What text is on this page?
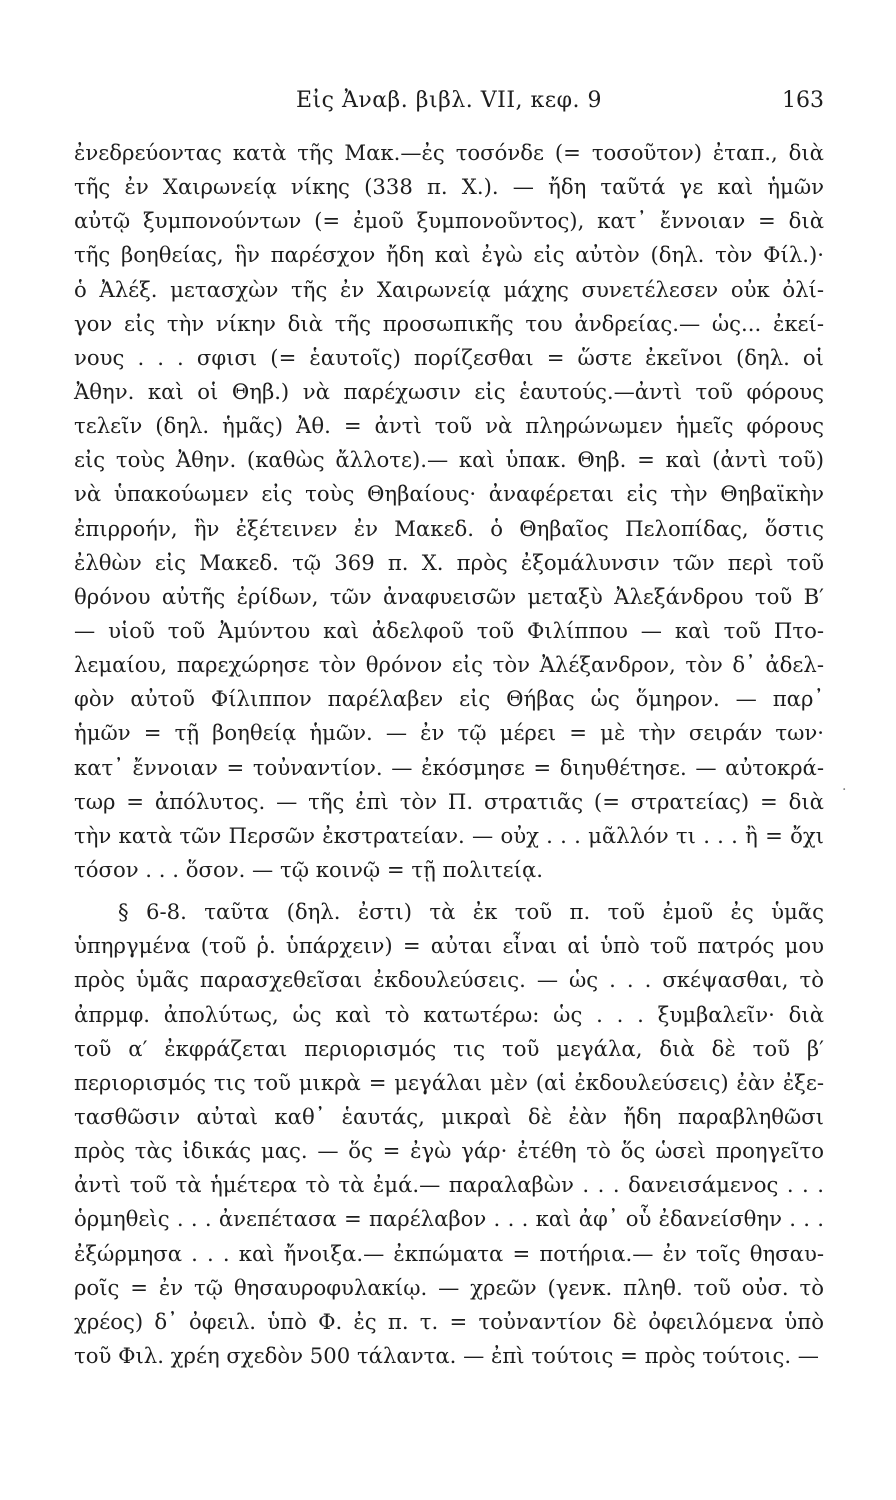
Εἰς Ἀναβ. βιβλ. VII, κεφ. 9	163
ἐνεδρεύοντας κατὰ τῆς Μακ.—ἐς τοσόνδε (= τοσοῦτον) ἐταπ., διὰ
τῆς ἐν Χαιρωνείᾳ νίκης (338 π. Χ.). — ἤδη ταῦτά γε καὶ ἡμῶν
αὐτῷ ξυμπονούντων (= ἐμοῦ ξυμπονοῦντος), κατ᾽ ἔννοιαν = διὰ
τῆς βοηθείας, ἣν παρέσχον ἤδη καὶ ἐγὼ εἰς αὐτὸν (δηλ. τὸν Φίλ.)·
ὁ Ἀλέξ. μετασχὼν τῆς ἐν Χαιρωνείᾳ μάχης συνετέλεσεν οὐκ ὀλί-
γον εἰς τὴν νίκην διὰ τῆς προσωπικῆς του ἀνδρείας.— ὡς... ἐκεί-
νους . . . σφισι (= ἑαυτοῖς) πορίζεσθαι = ὥστε ἐκεῖνοι (δηλ. οἱ
Ἀθην. καὶ οἱ Θηβ.) νὰ παρέχωσιν εἰς ἑαυτούς.—ἀντὶ τοῦ φόρους
τελεῖν (δηλ. ἡμᾶς) Ἀθ. = ἀντὶ τοῦ νὰ πληρώνωμεν ἡμεῖς φόρους
εἰς τοὺς Ἀθην. (καθὼς ἄλλοτε).— καὶ ὑπακ. Θηβ. = καὶ (ἀντὶ τοῦ)
νὰ ὑπακούωμεν εἰς τοὺς Θηβαίους· ἀναφέρεται εἰς τὴν Θηβαϊκὴν
ἐπιρροήν, ἣν ἐξέτεινεν ἐν Μακεδ. ὁ Θηβαῖος Πελοπίδας, ὅστις
ἐλθὼν εἰς Μακεδ. τῷ 369 π. Χ. πρὸς ἐξομάλυνσιν τῶν περὶ τοῦ
θρόνου αὐτῆς ἐρίδων, τῶν ἀναφυεισῶν μεταξὺ Ἀλεξάνδρου τοῦ Β′
— υἱοῦ τοῦ Ἀμύντου καὶ ἀδελφοῦ τοῦ Φιλίππου — καὶ τοῦ Πτο-
λεμαίου, παρεχώρησε τὸν θρόνον εἰς τὸν Ἀλέξανδρον, τὸν δ᾽ ἀδελ-
φὸν αὐτοῦ Φίλιππον παρέλαβεν εἰς Θήβας ὡς ὅμηρον. — παρ᾽
ἡμῶν = τῇ βοηθείᾳ ἡμῶν. — ἐν τῷ μέρει = μὲ τὴν σειράν των·
κατ᾽ ἔννοιαν = τοὐναντίον. — ἐκόσμησε = διηυθέτησε. — αὐτοκρά-
τωρ = ἀπόλυτος. — τῆς ἐπὶ τὸν Π. στρατιᾶς (= στρατείας) = διὰ
τὴν κατὰ τῶν Περσῶν ἐκστρατείαν. — οὐχ . . . μᾶλλόν τι . . . ἢ = ὄχι
τόσον . . . ὅσον. — τῷ κοινῷ = τῇ πολιτείᾳ.
§ 6-8. ταῦτα (δηλ. ἐστι) τὰ ἐκ τοῦ π. τοῦ ἐμοῦ ἐς ὑμᾶς
ὑπηργμένα (τοῦ ῥ. ὑπάρχειν) = αὐται εἶναι αἱ ὑπὸ τοῦ πατρός μου
πρὸς ὑμᾶς παρασχεθεῖσαι ἐκδουλεύσεις. — ὡς . . . σκέψασθαι, τὸ
ἀπρμφ. ἀπολύτως, ὡς καὶ τὸ κατωτέρω: ὡς . . . ξυμβαλεῖν· διὰ
τοῦ α′ ἐκφράζεται περιορισμός τις τοῦ μεγάλα, διὰ δὲ τοῦ β′
περιορισμός τις τοῦ μικρὰ = μεγάλαι μὲν (αἱ ἐκδουλεύσεις) ἐὰν ἐξε-
τασθῶσιν αὐταὶ καθ᾽ ἑαυτάς, μικραὶ δὲ ἐὰν ἤδη παραβληθῶσι
πρὸς τὰς ἰδικάς μας. — ὅς = ἐγὼ γάρ· ἐτέθη τὸ ὅς ὡσεὶ προηγεῖτο
ἀντὶ τοῦ τὰ ἡμέτερα τὸ τὰ ἐμά.— παραλαβὼν . . . δανεισάμενος . . .
ὁρμηθεὶς . . . ἀνεπέτασα = παρέλαβον . . . καὶ ἀφ᾽ οὗ ἐδανείσθην . . .
ἐξώρμησα . . . καὶ ἤνοιξα.— ἐκπώματα = ποτήρια.— ἐν τοῖς θησαυ-
ροῖς = ἐν τῷ θησαυροφυλακίῳ. — χρεῶν (γενκ. πληθ. τοῦ οὐσ. τὸ
χρέος) δ᾽ ὀφειλ. ὑπὸ Φ. ἐς π. τ. = τοὐναντίον δὲ ὀφειλόμενα ὑπὸ
τοῦ Φιλ. χρέη σχεδὸν 500 τάλαντα. — ἐπὶ τούτοις = πρὸς τούτοις. —
·
